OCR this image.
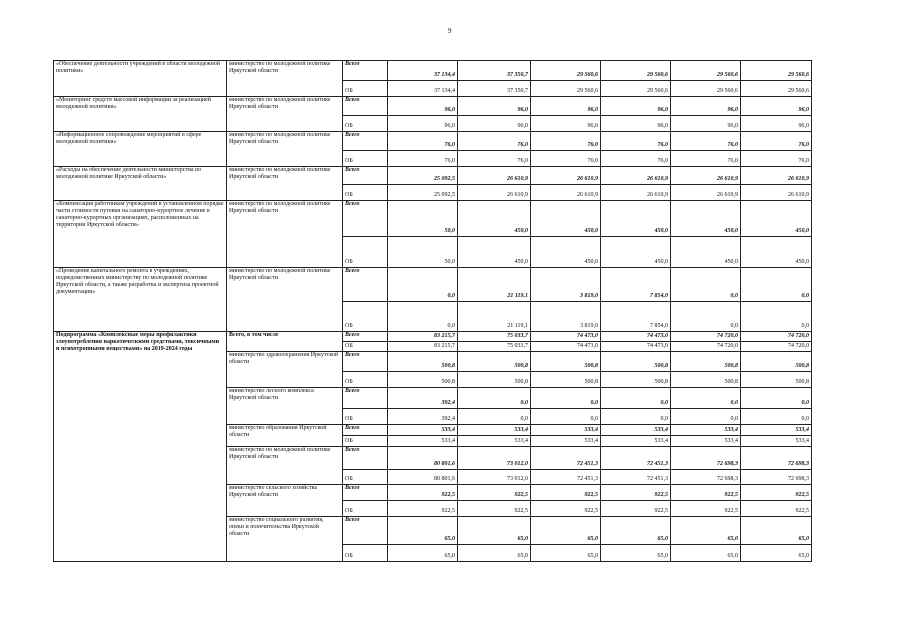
9
«Обеспечение деятельности учреждений в области молодежной политики»	министерство по молодежной политике Иркутской области	Всего	37 134,4	37 350,7	29 560,6	29 560,6	29 560,6	29 560,6
		ОБ	37 134,4	37 350,7	29 560,6	29 560,6	29 560,6	29 560,6
«Мониторинг средств массовой информации за реализацией молодежной политики»	министерство по молодежной политике Иркутской области	Всего	96,0	96,0	96,0	96,0	96,0	96,0
		ОБ	96,0	96,0	96,0	96,0	96,0	96,0
«Информационное сопровождение мероприятий в сфере молодежной политики»	министерство по молодежной политике Иркутской области	Всего	76,0	76,0	76,0	76,0	76,0	76,0
		ОБ	76,0	76,0	76,0	76,0	76,0	76,0
«Расходы на обеспечение деятельности министерства по молодежной политике Иркутской области»	министерство по молодежной политике Иркутской области	Всего	25 092,5	26 610,9	26 610,9	26 610,9	26 610,9	26 610,9
		ОБ	25 092,5	26 610,9	26 610,9	26 610,9	26 610,9	26 610,9
«Компенсация работникам учреждений в установленном порядке части стоимости путевки на санаторно-курортное лечение в санаторно-курортных организациях, расположенных на территории Иркутской области»	министерство по молодежной политике Иркутской области	Всего	50,0	450,0	450,0	450,0	450,0	450,0
		ОБ	50,0	450,0	450,0	450,0	450,0	450,0
«Проведение капитального ремонта в учреждениях, подведомственных министерству по молодежной политике Иркутской области, а также разработка и экспертиза проектной документации»	министерство по молодежной политике Иркутской области	Всего	0,0	21 119,1	3 819,0	7 854,0	0,0	0,0
		ОБ	0,0	21 119,1	3 819,0	7 854,0	0,0	0,0
Подпрограмма «Комплексные меры профилактики злоупотребления наркотическими средствами, токсичными и психотропными веществами» на 2019-2024 годы	Всего, в том числе	Всего	83 215,7	75 033,7	74 473,0	74 473,0	74 720,0	74 720,0
		ОБ	83 215,7	75 033,7	74 473,0	74 473,0	74 720,0	74 720,0
	министерство здравоохранения Иркутской области	Всего	500,8	500,8	500,8	500,8	500,8	500,8
		ОБ	500,8	500,8	500,8	500,8	500,8	500,8
	министерство лесного комплекса Иркутской области	Всего	392,4	0,0	0,0	0,0	0,0	0,0
		ОБ	392,4	0,0	0,0	0,0	0,0	0,0
	министерство образования Иркутской области	Всего	533,4	533,4	533,4	533,4	533,4	533,4
		ОБ	533,4	533,4	533,4	533,4	533,4	533,4
	министерство по молодежной политике Иркутской области	Всего	80 801,6	73 012,0	72 451,3	72 451,3	72 698,3	72 698,3
		ОБ	80 801,6	73 012,0	72 451,3	72 451,3	72 698,3	72 698,3
	министерство сельского хозяйства Иркутской области	Всего	922,5	922,5	922,5	922,5	922,5	922,5
		ОБ	922,5	922,5	922,5	922,5	922,5	922,5
	министерство социального развития, опеки и попечительства Иркутской области	Всего	65,0	65,0	65,0	65,0	65,0	65,0
		ОБ	65,0	65,0	65,0	65,0	65,0	65,0
